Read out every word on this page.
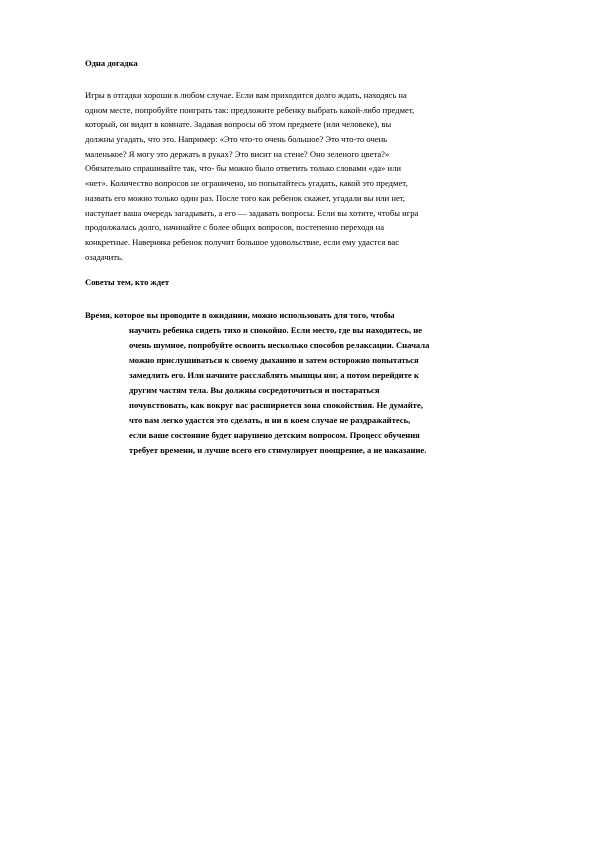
Одна догадка
Игры в отгадки хороши в любом случае. Если вам приходится долго ждать, находясь на
одном месте, попробуйте поиграть так: предложите ребенку выбрать какой-либо предмет,
который, он видит в комнате. Задавая вопросы об этом предмете (или человеке), вы
должны угадать, что это. Например: «Это что-то очень большое? Это что-то очень
маленькое? Я могу это держать в руках? Это висит на стене? Оно зеленого цвета?»
Обязательно спрашивайте так, что- бы можно было ответить только словами «да» или
«нет». Количество вопросов не ограничено, но попытайтесь угадать, какой это предмет,
назвать его можно только один раз. После того как ребенок скажет, угадали вы или нет,
наступает ваша очередь загадывать, а его — задавать вопросы. Если вы хотите, чтобы игра
продолжалась долго, начинайте с более общих вопросов, постепенно переходя на
конкретные. Наверняка ребенок получит большое удовольствие, если ему удастся вас
озадачить.
Советы тем, кто ждет
Время, которое вы проводите в ожидании, можно использовать для того, чтобы
научить ребенка сидеть тихо и спокойно. Если место, где вы находитесь, не
очень шумное, попробуйте освоить несколько способов релаксации. Сначала
можно прислушиваться к своему дыханию и затем осторожно попытаться
замедлить его. Или начните расслаблять мышцы ног, а потом перейдите к
другим частям тела. Вы должны сосредоточиться и постараться
почувствовать, как вокруг вас расширяется зона спокойствия. Не думайте,
что вам легко удастся это сделать, и ни в коем случае не раздражайтесь,
если ваше состояние будет нарушено детским вопросом. Процесс обучения
требует времени, и лучше всего его стимулирует поощрение, а не наказание.
